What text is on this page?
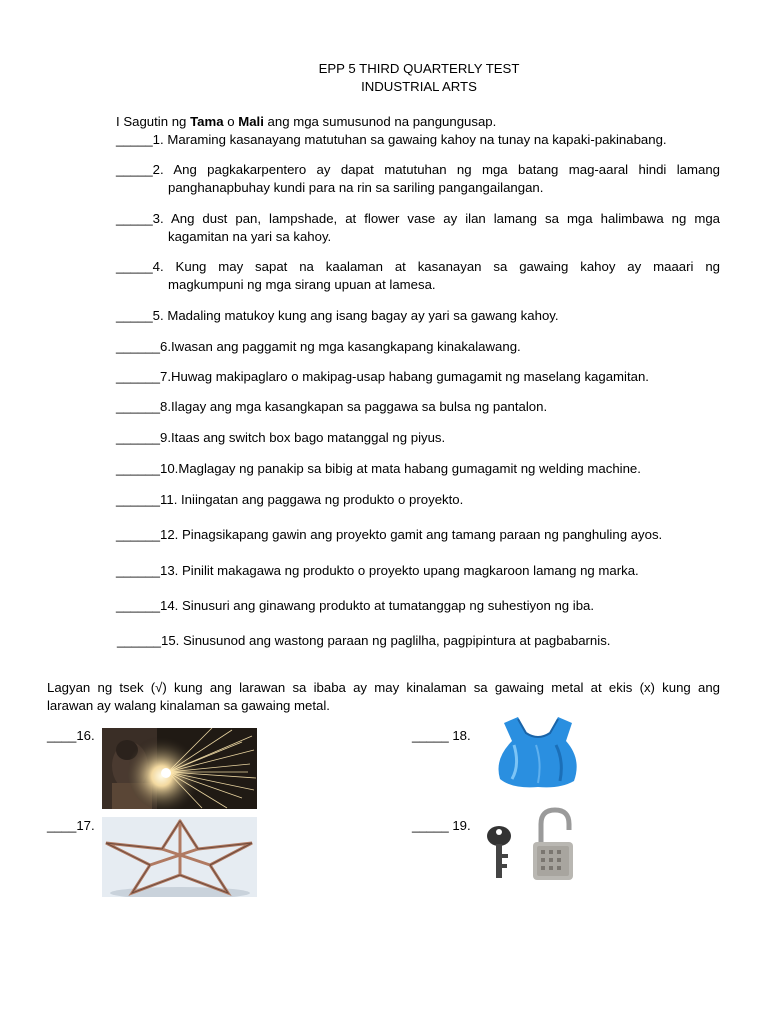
EPP 5 THIRD QUARTERLY TEST
INDUSTRIAL ARTS
I Sagutin ng Tama o Mali ang mga sumusunod na pangungusap.
_____1. Maraming kasanayang matutuhan sa gawaing kahoy na tunay na kapaki-pakinabang.
_____2. Ang pagkakarpentero ay dapat matutuhan ng mga batang mag-aaral hindi lamang
panghanapbuhay kundi para na rin sa sariling pangangailangan.
_____3. Ang dust pan, lampshade, at flower vase ay ilan lamang sa mga halimbawa ng mga
kagamitan na yari sa kahoy.
_____4. Kung may sapat na kaalaman at kasanayan sa gawaing kahoy ay maaari ng
magkumpuni ng mga sirang upuan at lamesa.
_____5. Madaling matukoy kung ang isang bagay ay yari sa gawang kahoy.
______6.Iwasan ang paggamit ng mga kasangkapang kinakalawang.
______7.Huwag makipaglaro o makipag-usap habang gumagamit ng maselang kagamitan.
______8.Ilagay ang mga kasangkapan sa paggawa sa bulsa ng pantalon.
______9.Itaas ang switch box bago matanggal ng piyus.
______10.Maglagay ng panakip sa bibig at mata habang gumagamit ng welding machine.
______11. Iniingatan ang paggawa ng produkto o proyekto.
______12. Pinagsikapang gawin ang proyekto gamit ang tamang paraan ng panghuling ayos.
______13. Pinilit makagawa ng produkto o proyekto upang magkaroon lamang ng marka.
______14. Sinusuri ang ginawang produkto at tumatanggap ng suhestiyon ng iba.
______15. Sinusunod ang wastong paraan ng paglilha, pagpipintura at pagbabarnis.
Lagyan ng tsek (√) kung ang larawan sa ibaba ay may kinalaman sa gawaing metal at ekis (x) kung ang
larawan ay walang kinalaman sa gawaing metal.
____16.
____17.
_____ 18.
_____ 19.
